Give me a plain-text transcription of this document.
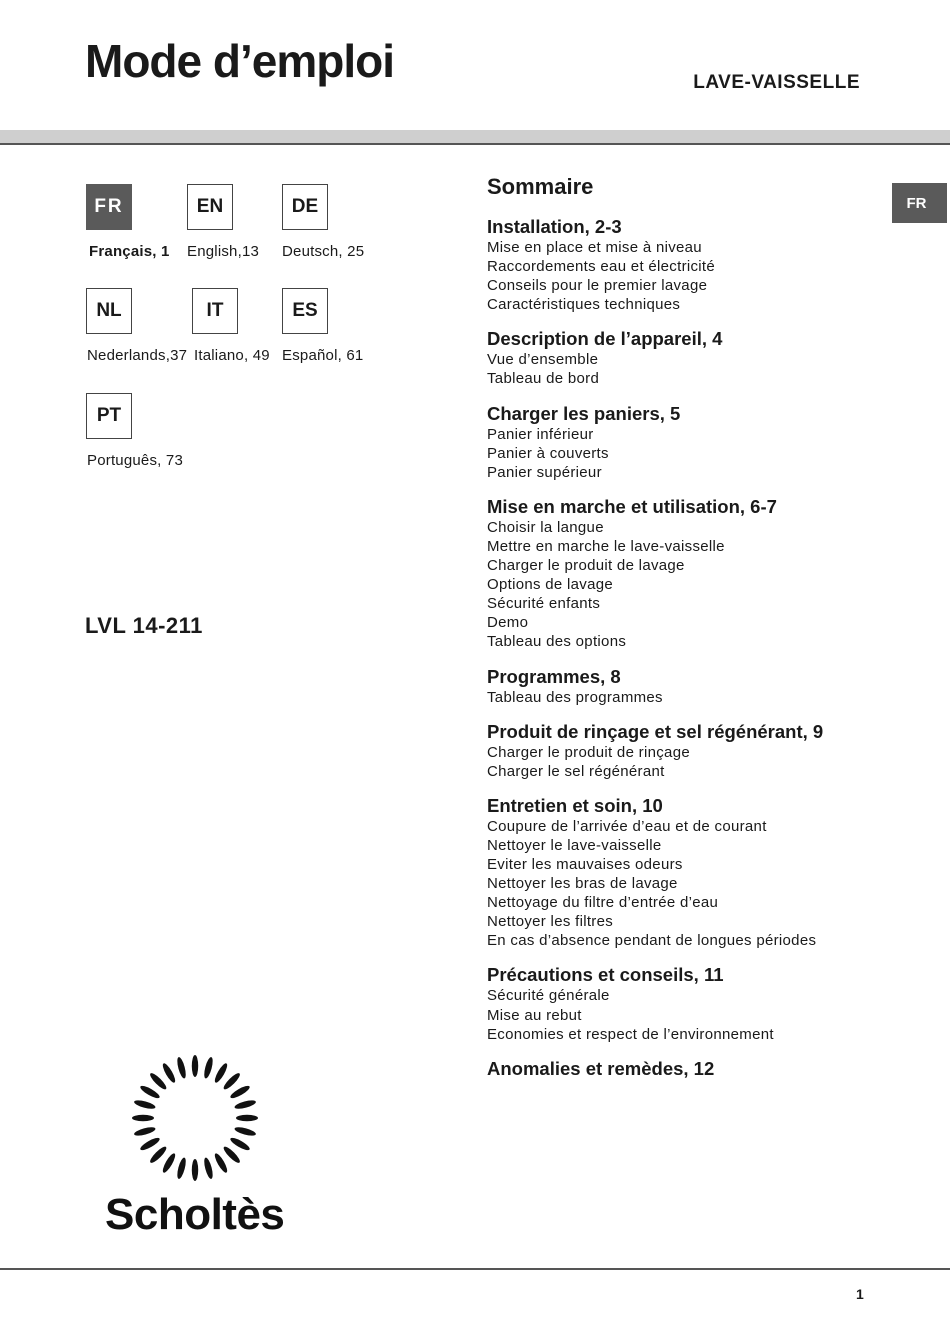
Mode d’emploi	LAVE-VAISSELLE
FR	EN	DE
Français, 1 English,13 Deutsch, 25
NL	IT	ES
Nederlands,37 Italiano, 49 Español, 61
PT
Português, 73
LVL 14-211
FR
Sommaire
Installation, 2-3
Mise en place et mise à niveau
Raccordements eau et électricité
Conseils pour le premier lavage
Caractéristiques techniques
Description de l’appareil, 4
Vue d’ensemble
Tableau de bord
Charger les paniers, 5
Panier inférieur
Panier à couverts
Panier supérieur
Mise en marche et utilisation, 6-7
Choisir la langue
Mettre en marche le lave-vaisselle
Charger le produit de lavage
Options de lavage
Sécurité enfants
Demo
Tableau des options
Programmes, 8
Tableau des programmes
Produit de rinçage et sel régénérant, 9
Charger le produit de rinçage
Charger le sel régénérant
Entretien et soin, 10
Coupure de l’arrivée d’eau et de courant
Nettoyer le lave-vaisselle
Eviter les mauvaises odeurs
Nettoyer les bras de lavage
Nettoyage du filtre d’entrée d’eau
Nettoyer les filtres
En cas d’absence pendant de longues périodes
Précautions et conseils, 11
Sécurité générale
Mise au rebut
Economies et respect de l’environnement
Anomalies et remèdes, 12
Scholtès
1
